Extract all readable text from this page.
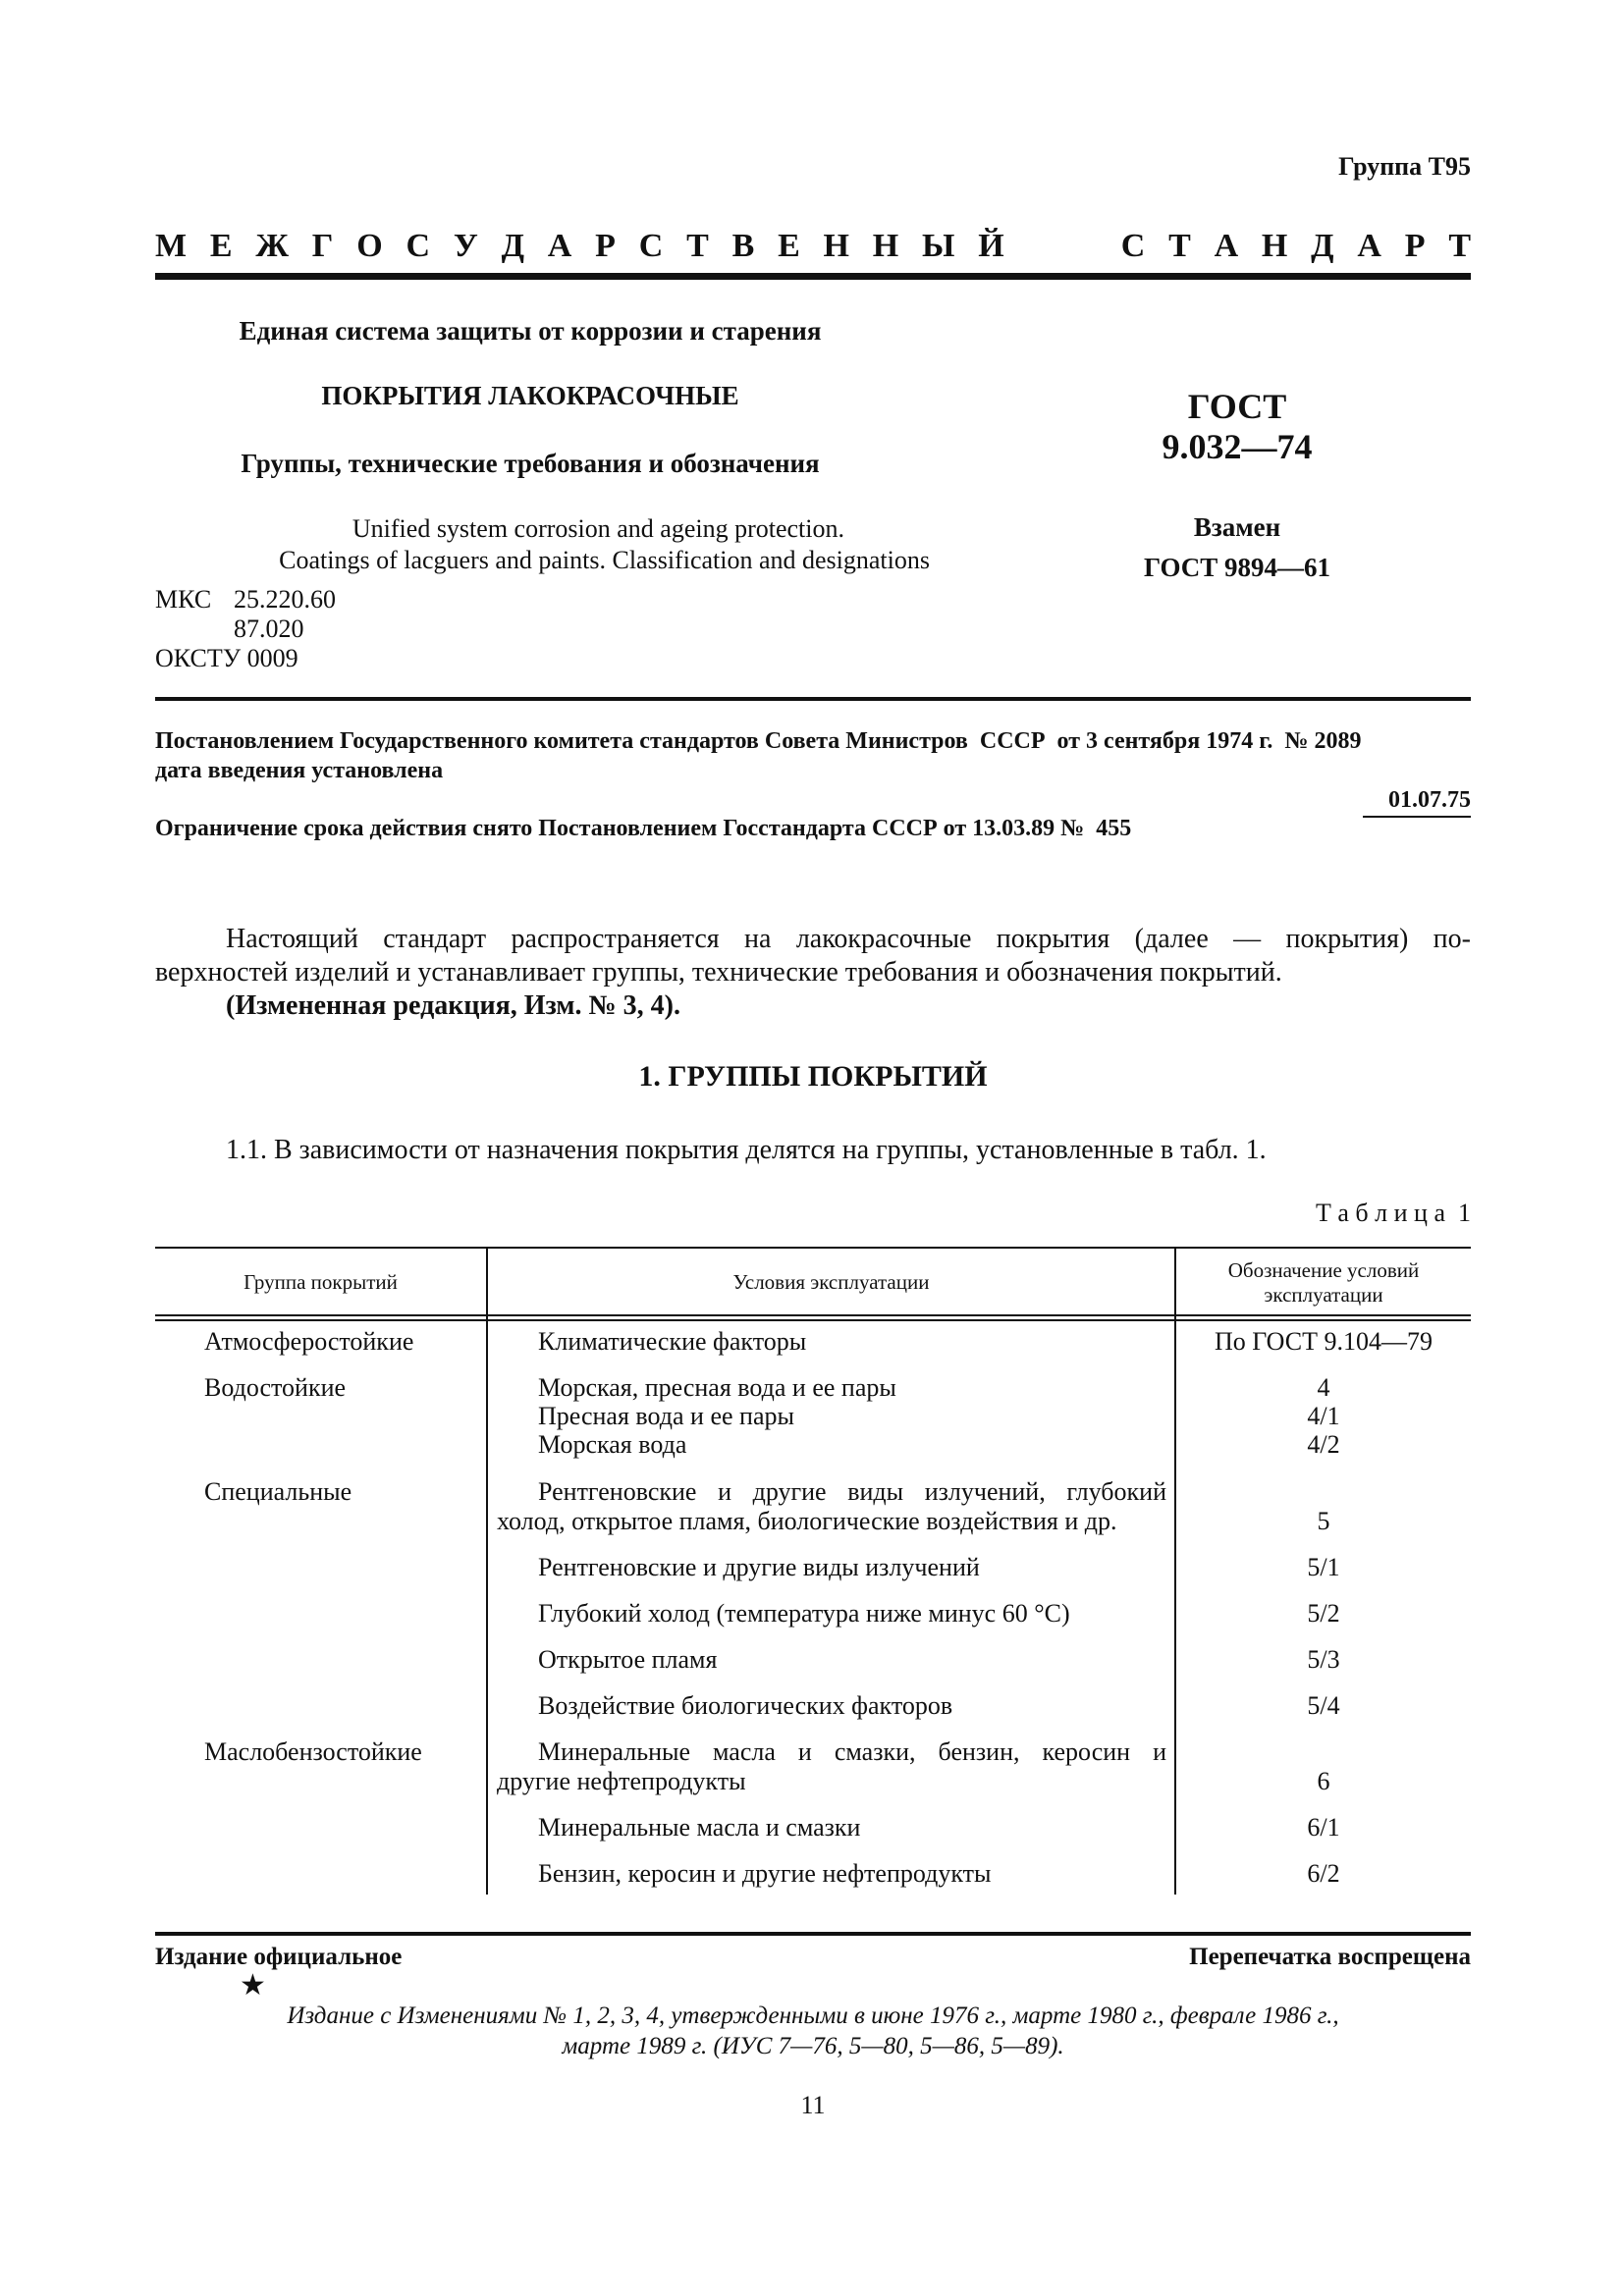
Группа Т95
М Е Ж Г О С У Д А Р С Т В Е Н Н Ы Й     С Т А Н Д А Р Т
Единая система защиты от коррозии и старения
ПОКРЫТИЯ ЛАКОКРАСОЧНЫЕ
Группы, технические требования и обозначения
Unified system corrosion and ageing protection.
Coatings of lacguers and paints. Classification and designations
ГОСТ
9.032—74
Взамен
ГОСТ 9894—61
МКС 25.220.60
87.020
ОКСТУ 0009
Постановлением Государственного комитета стандартов Совета Министров  СССР  от 3 сентября 1974 г.  № 2089
дата введения установлена
01.07.75
Ограничение срока действия снято Постановлением Госстандарта СССР от 13.03.89 №  455
Настоящий стандарт распространяется на лакокрасочные покрытия (далее — покрытия) по-
верхностей изделий и устанавливает группы, технические требования и обозначения покрытий.
(Измененная редакция, Изм. № 3, 4).
1. ГРУППЫ ПОКРЫТИЙ
1.1. В зависимости от назначения покрытия делятся на группы, установленные в табл. 1.
Т а б л и ц а  1
Группа покрытий	Условия эксплуатации	Обозначение условий
эксплуатации
Атмосферостойкие	Климатические факторы	По ГОСТ 9.104—79
Водостойкие	Морская, пресная вода и ее пары	4
Пресная вода и ее пары	4/1
Морская вода	4/2
Специальные	Рентгеновские и другие виды излучений, глубокий
холод, открытое пламя, биологические воздействия и др.	5
Рентгеновские и другие виды излучений	5/1
Глубокий холод (температура ниже минус 60 °С)	5/2
Открытое пламя	5/3
Воздействие биологических факторов	5/4
Маслобензостойкие	Минеральные масла и смазки, бензин, керосин и
другие нефтепродукты	6
Минеральные масла и смазки	6/1
Бензин, керосин и другие нефтепродукты	6/2
Издание официальное	Перепечатка воспрещена
★
Издание с Изменениями № 1, 2, 3, 4, утвержденными в июне 1976 г., марте 1980 г., феврале 1986 г.,
марте 1989 г. (ИУС 7—76, 5—80, 5—86, 5—89).
11
